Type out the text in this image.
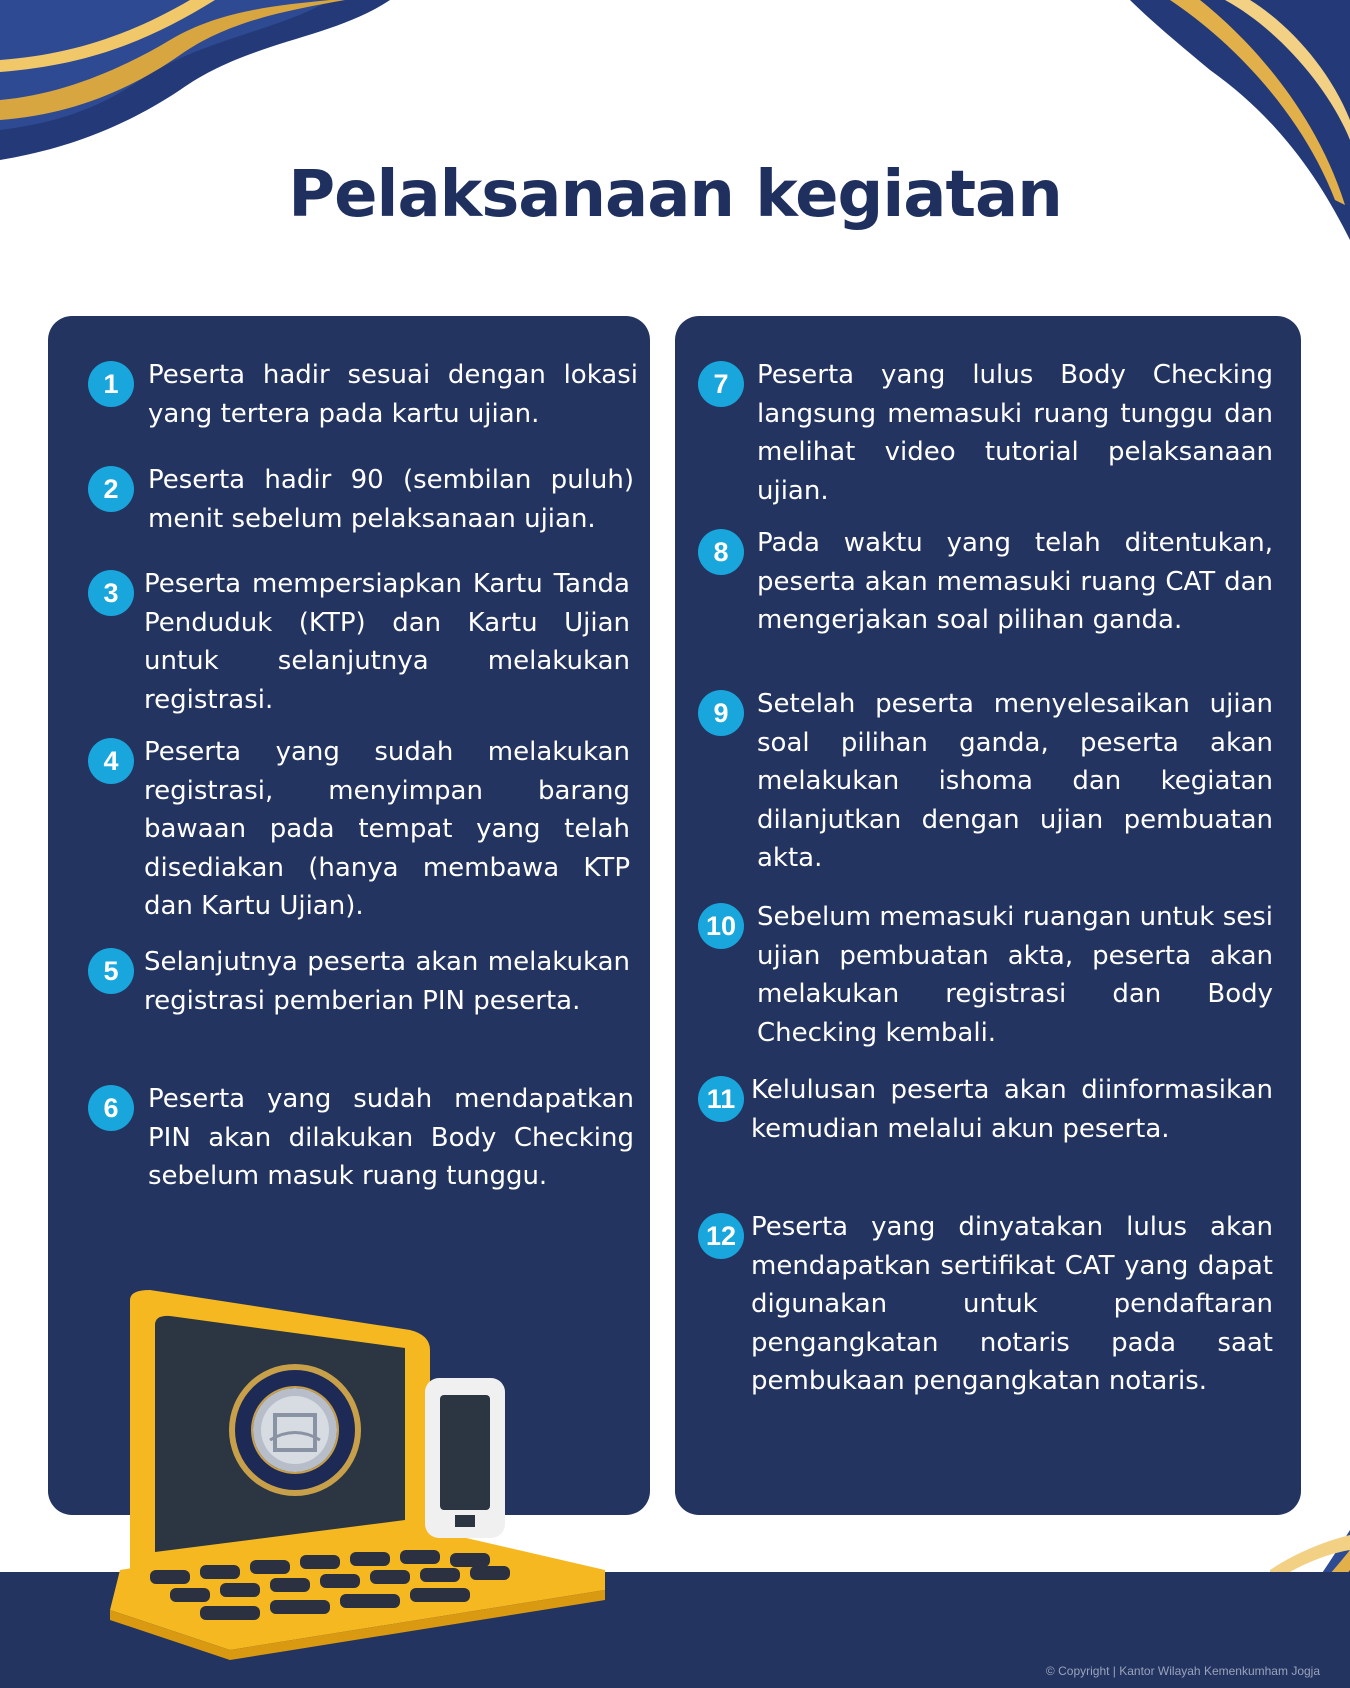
Pelaksanaan kegiatan
1	Peserta hadir sesuai dengan lokasi yang tertera pada kartu ujian.
2	Peserta hadir 90 (sembilan puluh) menit sebelum pelaksanaan ujian.
3 Peserta mempersiapkan Kartu Tanda Penduduk (KTP) dan Kartu Ujian untuk selanjutnya melakukan registrasi.
4 Peserta yang sudah melakukan registrasi, menyimpan barang bawaan pada tempat yang telah disediakan (hanya membawa KTP dan Kartu Ujian).
5 Selanjutnya peserta akan melakukan registrasi pemberian PIN peserta.
6	Peserta yang sudah mendapatkan PIN akan dilakukan Body Checking sebelum masuk ruang tunggu.
7	Peserta yang lulus Body Checking langsung memasuki ruang tunggu dan melihat video tutorial pelaksanaan ujian.
8	Pada waktu yang telah ditentukan, peserta akan memasuki ruang CAT dan mengerjakan soal pilihan ganda.
9	Setelah peserta menyelesaikan ujian soal pilihan ganda, peserta akan melakukan ishoma dan kegiatan dilanjutkan dengan ujian pembuatan akta.
10 Sebelum memasuki ruangan untuk sesi ujian pembuatan akta, peserta akan melakukan registrasi dan Body Checking kembali.
11 Kelulusan peserta akan diinformasikan kemudian melalui akun peserta.
12 Peserta yang dinyatakan lulus akan mendapatkan sertifikat CAT yang dapat digunakan untuk pendaftaran pengangkatan notaris pada saat pembukaan pengangkatan notaris.
© Copyright | Kantor Wilayah Kemenkumham Jogja
